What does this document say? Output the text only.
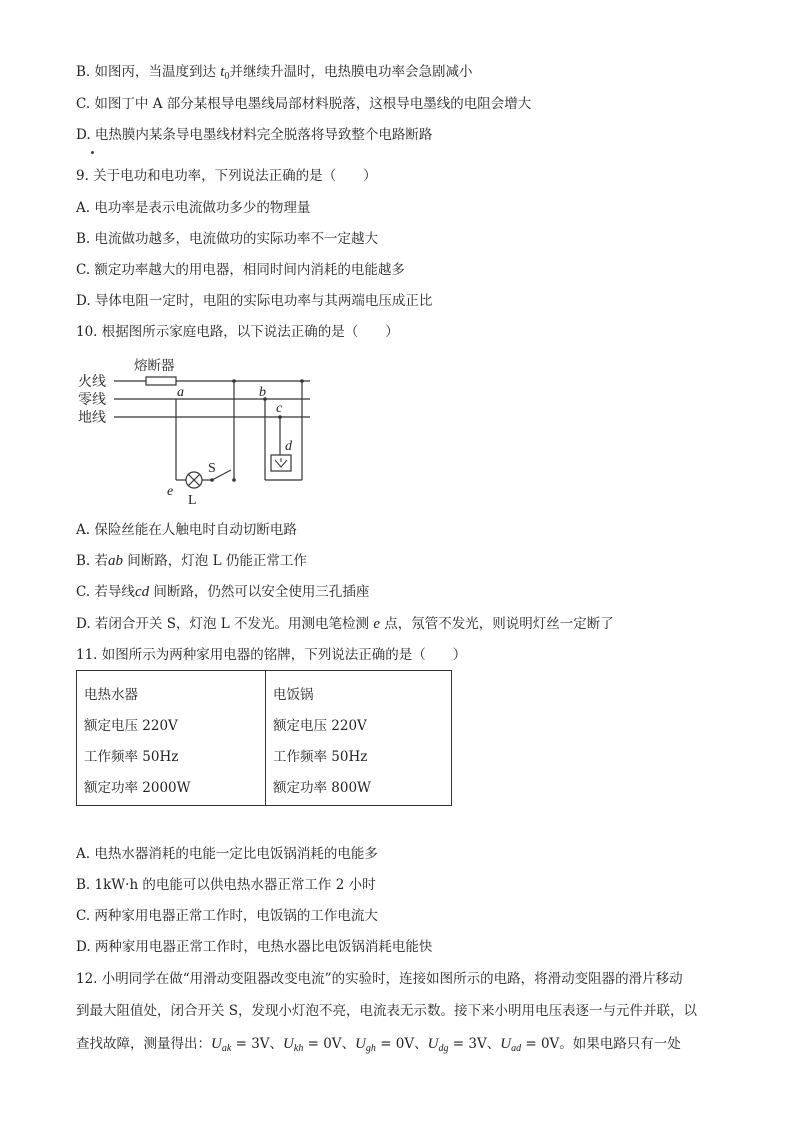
B. 如图丙，当温度到达 $t_0$并继续升温时，电热膜电功率会急剧减小
C. 如图丁中 A 部分某根导电墨线局部材料脱落，这根导电墨线的电阻会增大
D. 电热膜内某条导电墨线材料完全脱落将导致整个电路断路
9. 关于电功和电功率，下列说法正确的是（　　）
A. 电功率是表示电流做功多少的物理量
B. 电流做功越多，电流做功的实际功率不一定越大
C. 额定功率越大的用电器，相同时间内消耗的电能越多
D. 导体电阻一定时，电阻的实际电功率与其两端电压成正比
10. 根据图所示家庭电路，以下说法正确的是（　　）
熔断器
火线
零线
地线
a	b
c
d
e
S
L
A. 保险丝能在人触电时自动切断电路
B. 若ab 间断路，灯泡 L 仍能正常工作
C. 若导线cd 间断路，仍然可以安全使用三孔插座
D. 若闭合开关 S，灯泡 L 不发光。用测电笔检测 e 点，氖管不发光，则说明灯丝一定断了
11. 如图所示为两种家用电器的铭牌，下列说法正确的是（　　）
电热水器
额定电压 220V
工作频率 50Hz
额定功率 2000W
电饭锅
额定电压 220V
工作频率 50Hz
额定功率 800W
A. 电热水器消耗的电能一定比电饭锅消耗的电能多
B. 1kW·h 的电能可以供电热水器正常工作 2 小时
C. 两种家用电器正常工作时，电饭锅的工作电流大
D. 两种家用电器正常工作时，电热水器比电饭锅消耗电能快
12. 小明同学在做“用滑动变阻器改变电流”的实验时，连接如图所示的电路，将滑动变阻器的滑片移动
到最大阻值处，闭合开关 S，发现小灯泡不亮，电流表无示数。接下来小明用电压表逐一与元件并联，以
查找故障，测量得出：$U_{ak} = 3V$、$U_{kh} = 0V$、$U_{gh} = 0V$、$U_{dg} = 3V$、$U_{ad} = 0V$。如果电路只有一处
